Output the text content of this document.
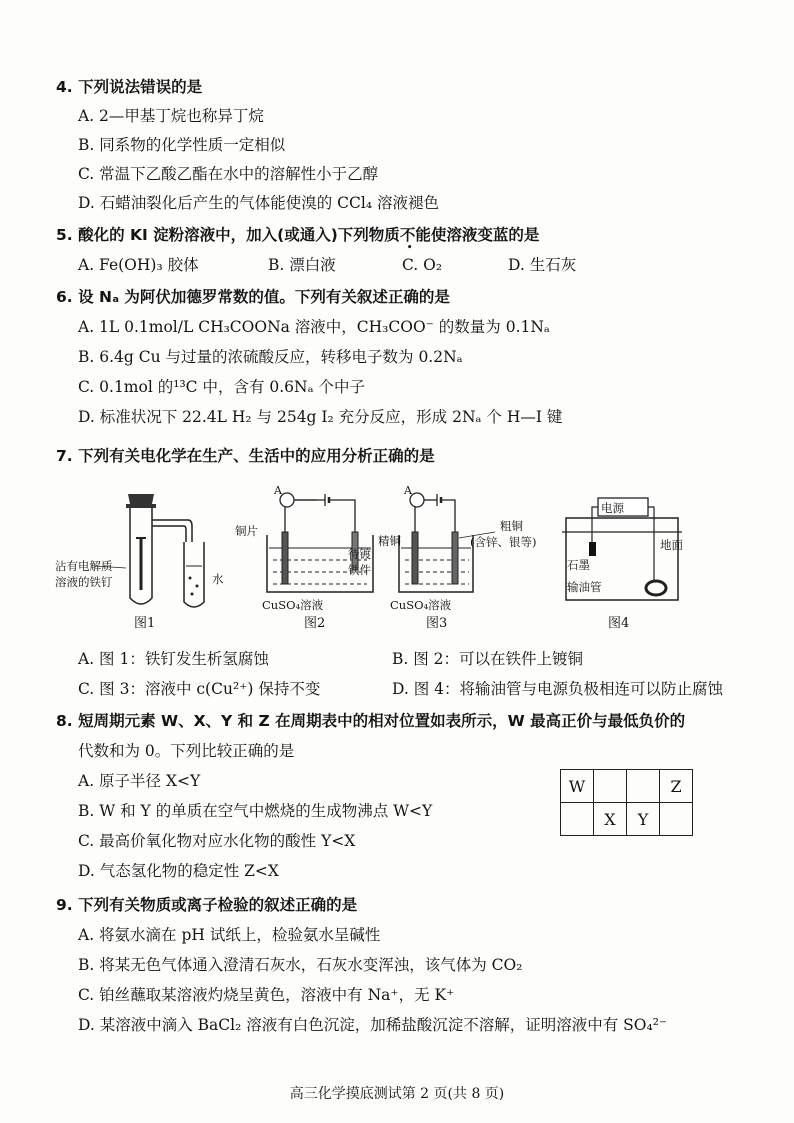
4. 下列说法错误的是
A. 2—甲基丁烷也称异丁烷
B. 同系物的化学性质一定相似
C. 常温下乙酸乙酯在水中的溶解性小于乙醇
D. 石蜡油裂化后产生的气体能使溴的 CCl₄ 溶液褪色
5. 酸化的 KI 淀粉溶液中，加入(或通入)下列物质不能使溶液变蓝的是
A. Fe(OH)₃ 胶体	B. 漂白液	C. O₂	D. 生石灰
6. 设 Nₐ 为阿伏加德罗常数的值。下列有关叙述正确的是
A. 1L 0.1mol/L CH₃COONa 溶液中，CH₃COO⁻ 的数量为 0.1Nₐ
B. 6.4g Cu 与过量的浓硫酸反应，转移电子数为 0.2Nₐ
C. 0.1mol 的¹³C 中，含有 0.6Nₐ 个中子
D. 标准状况下 22.4L H₂ 与 254g I₂ 充分反应，形成 2Nₐ 个 H—I 键
7. 下列有关电化学在生产、生活中的应用分析正确的是
沾有电解质
溶液的铁钉	水
图1
A
铜片
待镀
铁件
CuSO₄溶液
图2
A
精铜
粗铜
(含锌、银等)
CuSO₄溶液
图3
电源
地面
石墨
输油管
图4
A. 图 1：铁钉发生析氢腐蚀	B. 图 2：可以在铁件上镀铜
C. 图 3：溶液中 c(Cu²⁺) 保持不变	D. 图 4：将输油管与电源负极相连可以防止腐蚀
8. 短周期元素 W、X、Y 和 Z 在周期表中的相对位置如表所示，W 最高正价与最低负价的
代数和为 0。下列比较正确的是
A. 原子半径 X<Y
B. W 和 Y 的单质在空气中燃烧的生成物沸点 W<Y
C. 最高价氧化物对应水化物的酸性 Y<X
D. 气态氢化物的稳定性 Z<X
W			Z
	X	Y	
9. 下列有关物质或离子检验的叙述正确的是
A. 将氨水滴在 pH 试纸上，检验氨水呈碱性
B. 将某无色气体通入澄清石灰水，石灰水变浑浊，该气体为 CO₂
C. 铂丝蘸取某溶液灼烧呈黄色，溶液中有 Na⁺，无 K⁺
D. 某溶液中滴入 BaCl₂ 溶液有白色沉淀，加稀盐酸沉淀不溶解，证明溶液中有 SO₄²⁻
高三化学摸底测试第 2 页(共 8 页)
